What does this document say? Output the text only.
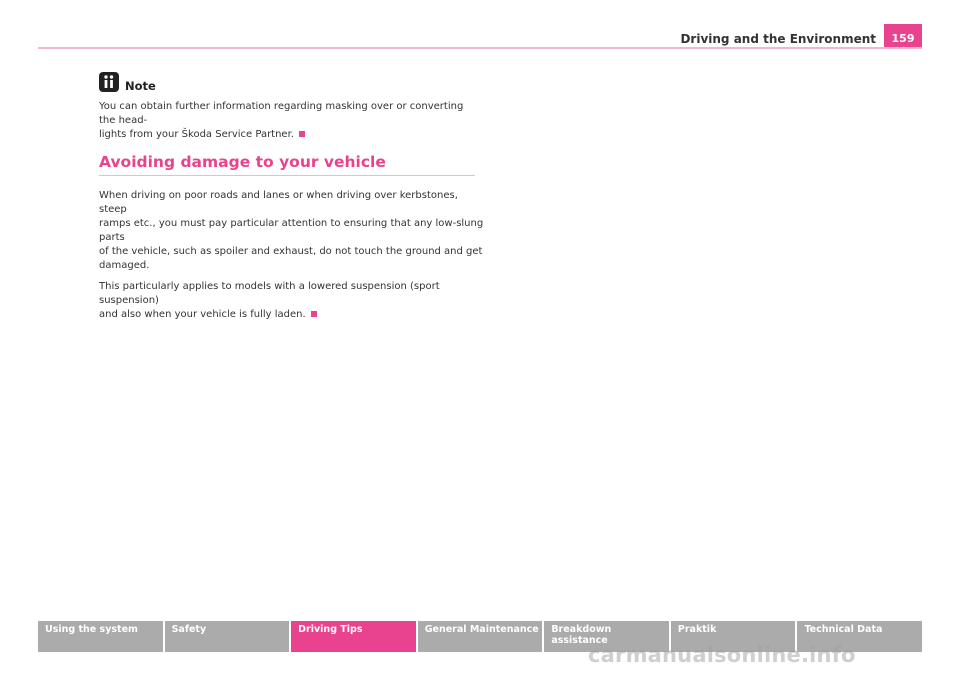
Driving and the Environment	159
Note

You can obtain further information regarding masking over or converting the head-
lights from your Škoda Service Partner.

Avoiding damage to your vehicle

When driving on poor roads and lanes or when driving over kerbstones, steep
ramps etc., you must pay particular attention to ensuring that any low-slung parts
of the vehicle, such as spoiler and exhaust, do not touch the ground and get
damaged.

This particularly applies to models with a lowered suspension (sport suspension)
and also when your vehicle is fully laden.

Using the system	Safety	Driving Tips	General Maintenance	Breakdown assistance
Praktik	Technical Data
carmanualsonline.info
